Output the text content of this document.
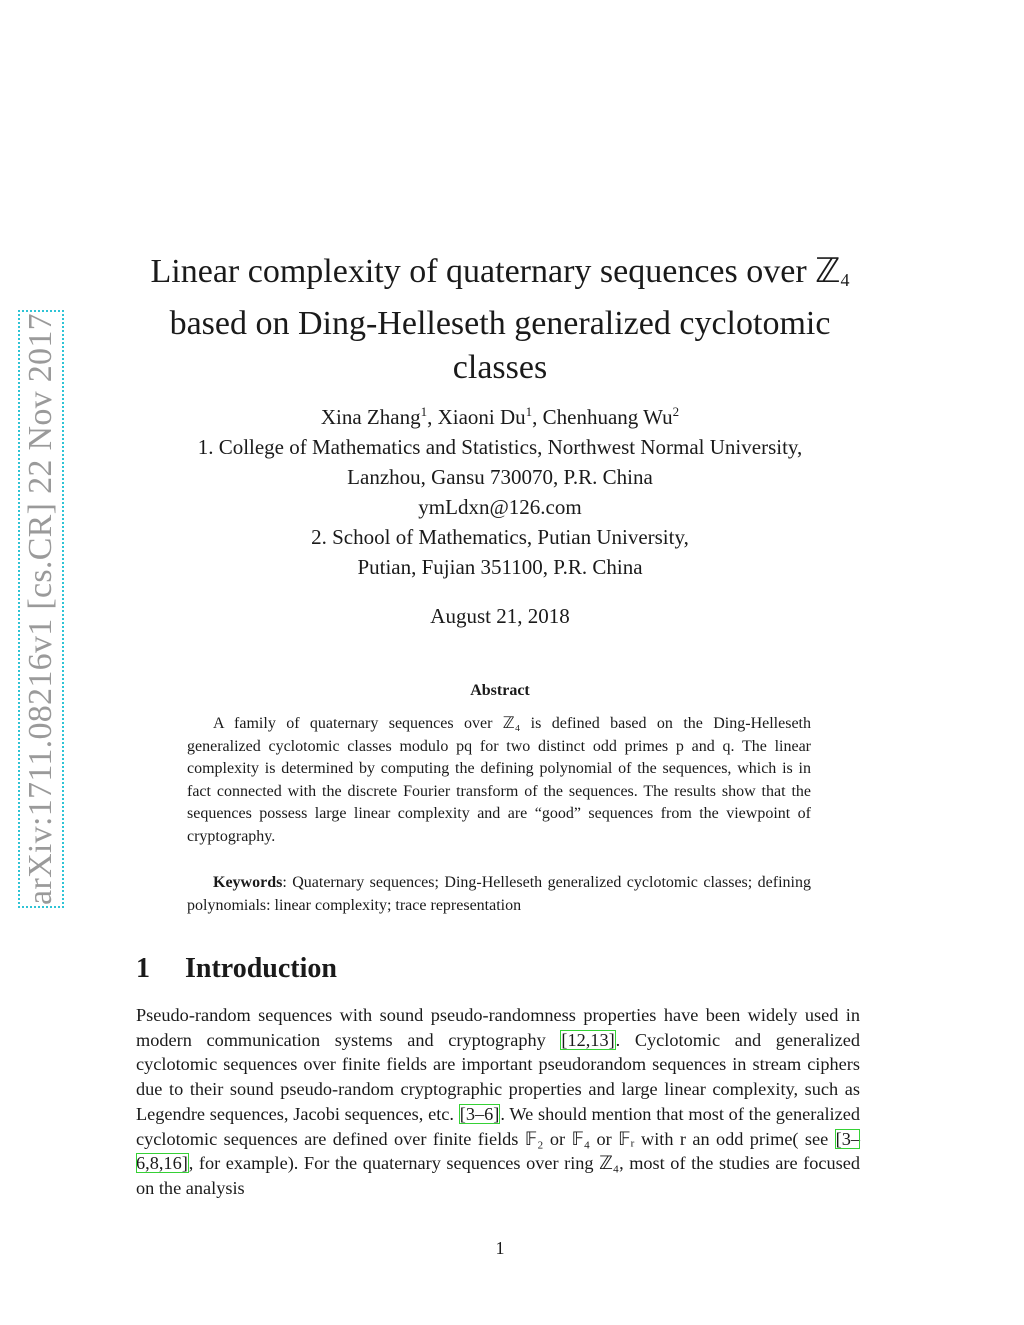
arXiv:1711.08216v1 [cs.CR] 22 Nov 2017
Linear complexity of quaternary sequences over ℤ$_4$
based on Ding-Helleseth generalized cyclotomic
classes
Xina Zhang$^1$, Xiaoni Du$^1$, Chenhuang Wu$^2$
1. College of Mathematics and Statistics, Northwest Normal University,
Lanzhou, Gansu 730070, P.R. China
ymLdxn@126.com
2. School of Mathematics, Putian University,
Putian, Fujian 351100, P.R. China
August 21, 2018
Abstract
A family of quaternary sequences over ℤ₄ is defined based on the Ding-Helleseth generalized cyclotomic classes modulo pq for two distinct odd primes p and q. The linear complexity is determined by computing the defining polynomial of the sequences, which is in fact connected with the discrete Fourier transform of the sequences. The results show that the sequences possess large linear complexity and are “good” sequences from the viewpoint of cryptography.
Keywords: Quaternary sequences; Ding-Helleseth generalized cyclotomic classes; defining polynomials: linear complexity; trace representation
1 Introduction
Pseudo-random sequences with sound pseudo-randomness properties have been widely used in modern communication systems and cryptography [12,13]. Cyclotomic and generalized cyclotomic sequences over finite fields are important pseudorandom sequences in stream ciphers due to their sound pseudo-random cryptographic properties and large linear complexity, such as Legendre sequences, Jacobi sequences, etc. [3–6]. We should mention that most of the generalized cyclotomic sequences are defined over finite fields 𝔽₂ or 𝔽₄ or 𝔽ᵣ with r an odd prime( see [3–6,8,16], for example). For the quaternary sequences over ring ℤ₄, most of the studies are focused on the analysis
1
